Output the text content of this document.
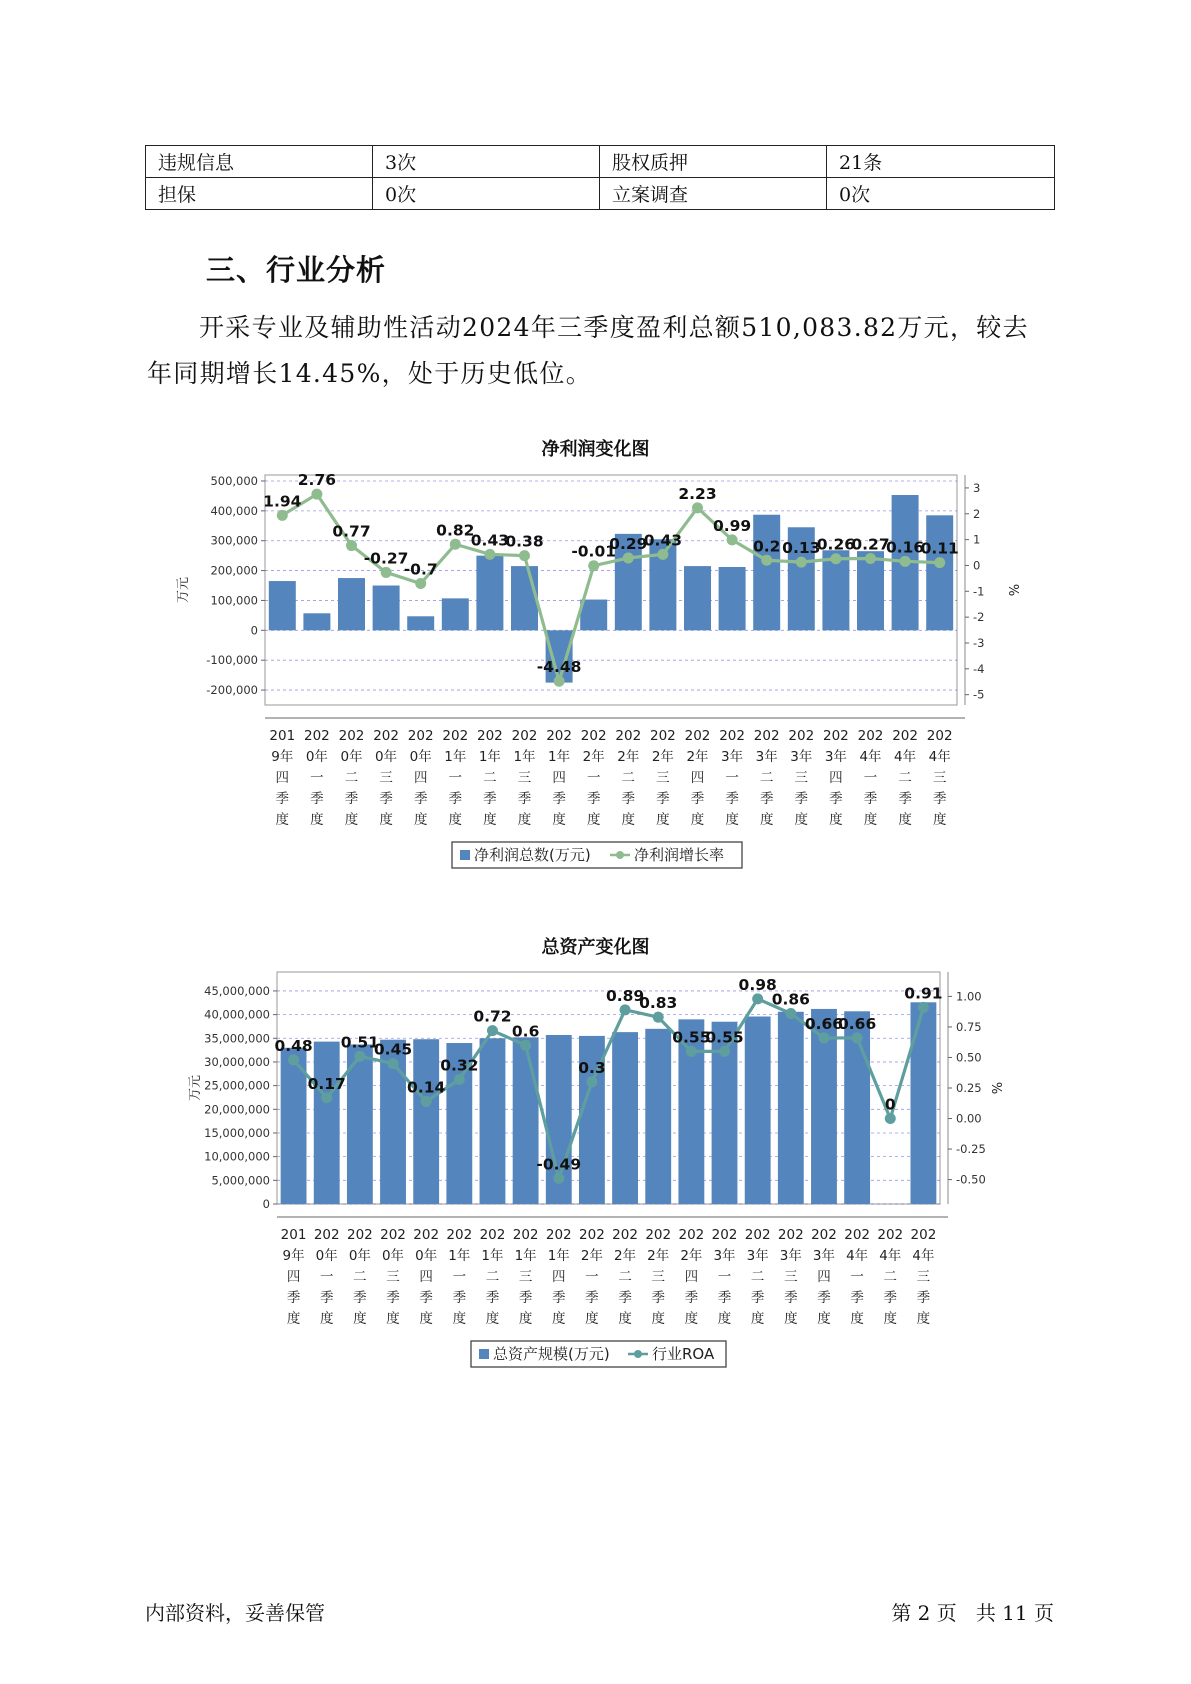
违规信息	3次	股权质押	21条
担保	0次	立案调查	0次
三、行业分析

开采专业及辅助性活动2024年三季度盈利总额510,083.82万元，较去年同期增长14.45%，处于历史低位。

净利润变化图
500,000
400,000
300,000
200,000
100,000
0
-100,000
-200,000
3
2
1
0
-1
-2
-3
-4
-5
万元	%
1.94
2.76
0.77
-0.27
-0.7
0.82
0.43
0.38
-4.48
-0.01
0.29
0.43
2.23
0.99
0.2 0.13
0.26
0.27
0.16
0.11
201
9年
四
季
度
202
0年
一
季
度
202
0年
二
季
度
202
0年
三
季
度
202
0年
四
季
度
202
1年
一
季
度
202
1年
二
季
度
202
1年
三
季
度
202
1年
四
季
度
202
2年
一
季
度
202
2年
二
季
度
202
2年
三
季
度
202
2年
四
季
度
202
3年
一
季
度
202
3年
二
季
度
202
3年
三
季
度
202
3年
四
季
度
202
4年
一
季
度
202
4年
二
季
度
202
4年
三
季
度
净利润总数(万元)	净利润增长率
总资产变化图
45,000,000
40,000,000
35,000,000
30,000,000
25,000,000
20,000,000
15,000,000
10,000,000
5,000,000
0
1.00
0.75
0.50
0.25
0.00
-0.25
-0.50
万元	%
0.48
0.17
0.51
0.45
0.14
0.32
0.72
0.6
-0.49
0.3
0.89
0.83
0.55
0.55
0.98
0.86
0.66
0.66
0
0.91
201
9年
四
季
度
202
0年
一
季
度
202
0年
二
季
度
202
0年
三
季
度
202
0年
四
季
度
202
1年
一
季
度
202
1年
二
季
度
202
1年
三
季
度
202
1年
四
季
度
202
2年
一
季
度
202
2年
二
季
度
202
2年
三
季
度
202
2年
四
季
度
202
3年
一
季
度
202
3年
二
季
度
202
3年
三
季
度
202
3年
四
季
度
202
4年
一
季
度
202
4年
二
季
度
202
4年
三
季
度
总资产规模(万元)	行业ROA
内部资料，妥善保管	第 2 页   共 11 页
